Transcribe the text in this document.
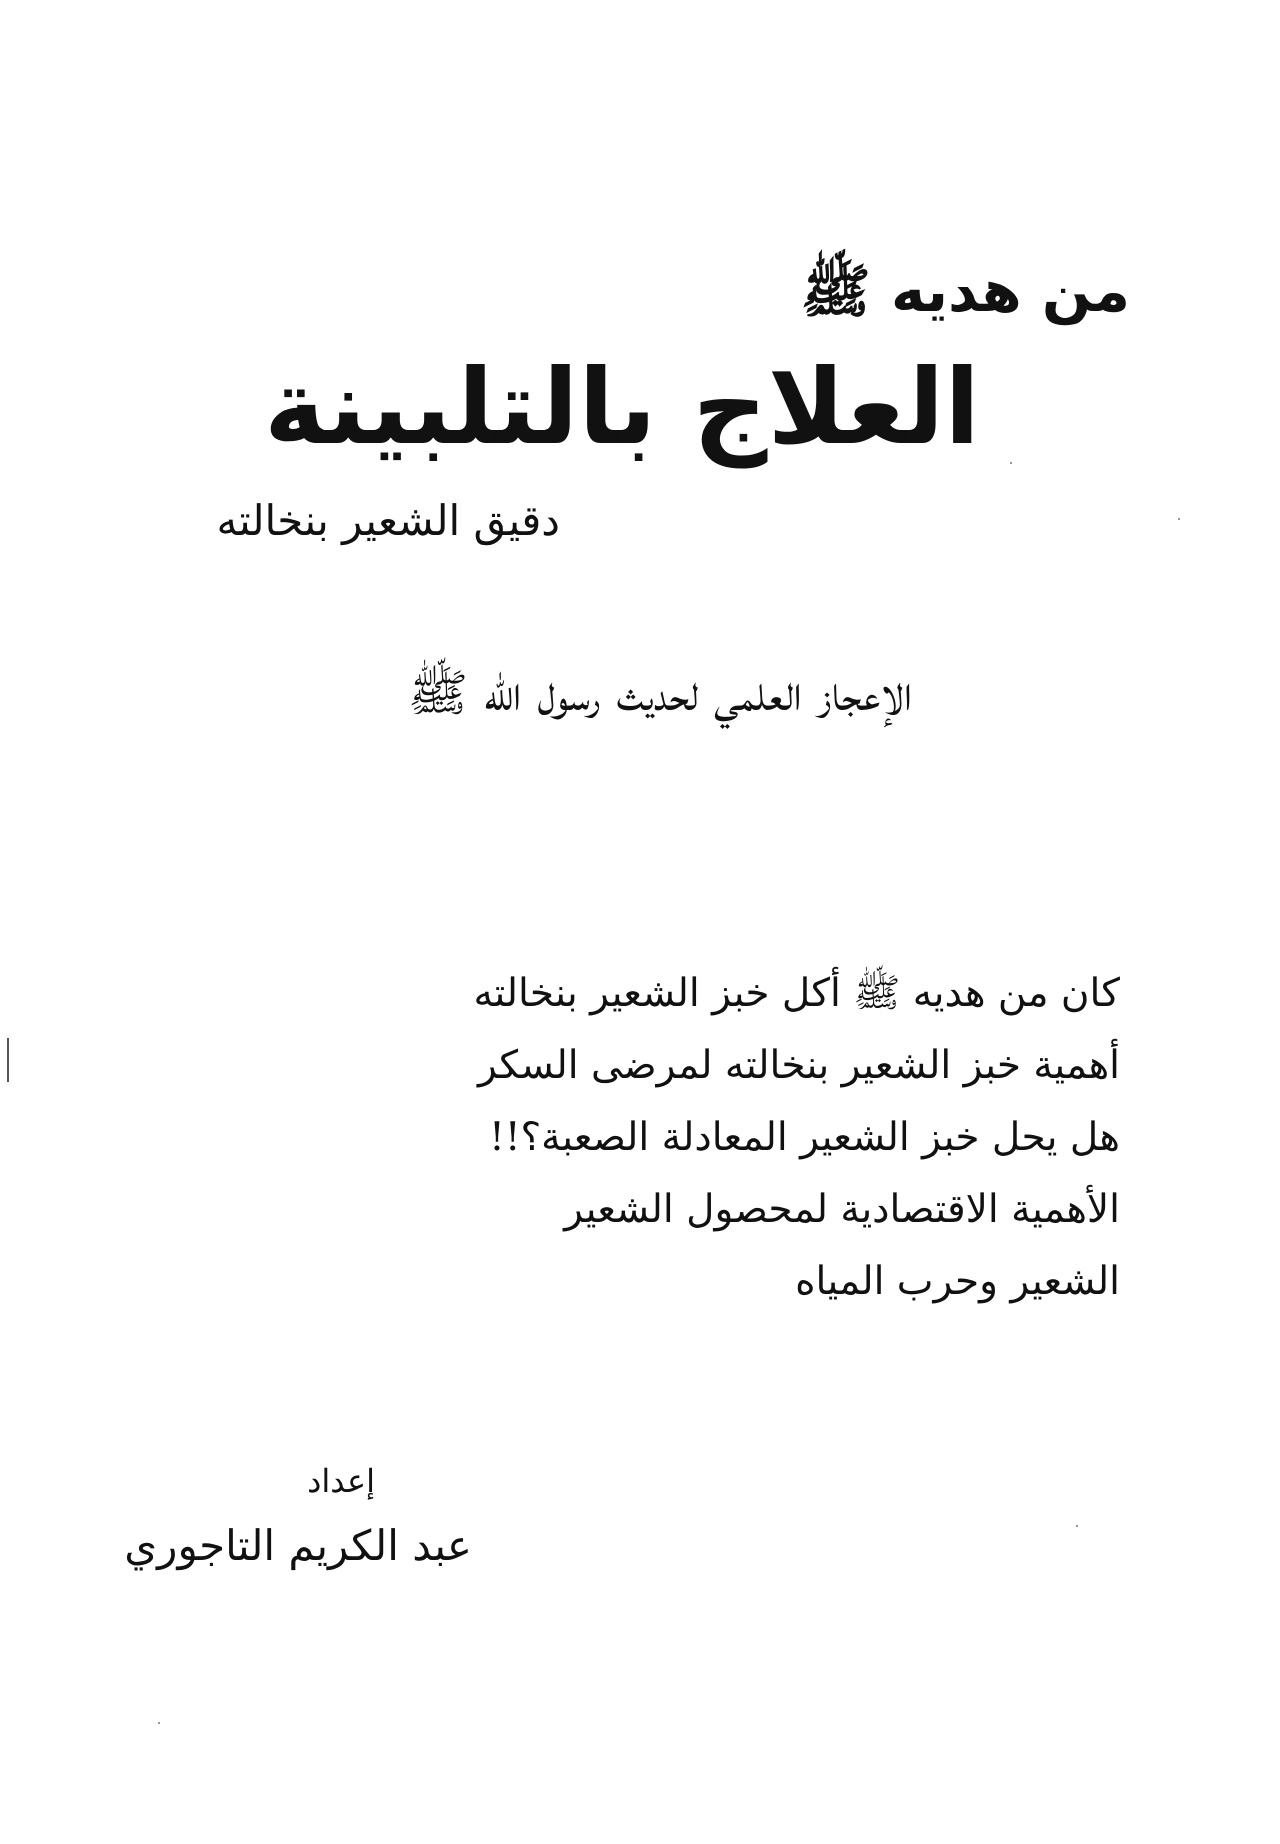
من هديه ﷺ
العلاج بالتلبينة
دقيق الشعير بنخالته
الإعجاز العلمي لحديث رسول الله ﷺ
كان من هديه ﷺ أكل خبز الشعير بنخالته
أهمية خبز الشعير بنخالته لمرضى السكر
هل يحل خبز الشعير المعادلة الصعبة؟!!
الأهمية الاقتصادية لمحصول الشعير
الشعير وحرب المياه
إعداد
عبد الكريم التاجوري
